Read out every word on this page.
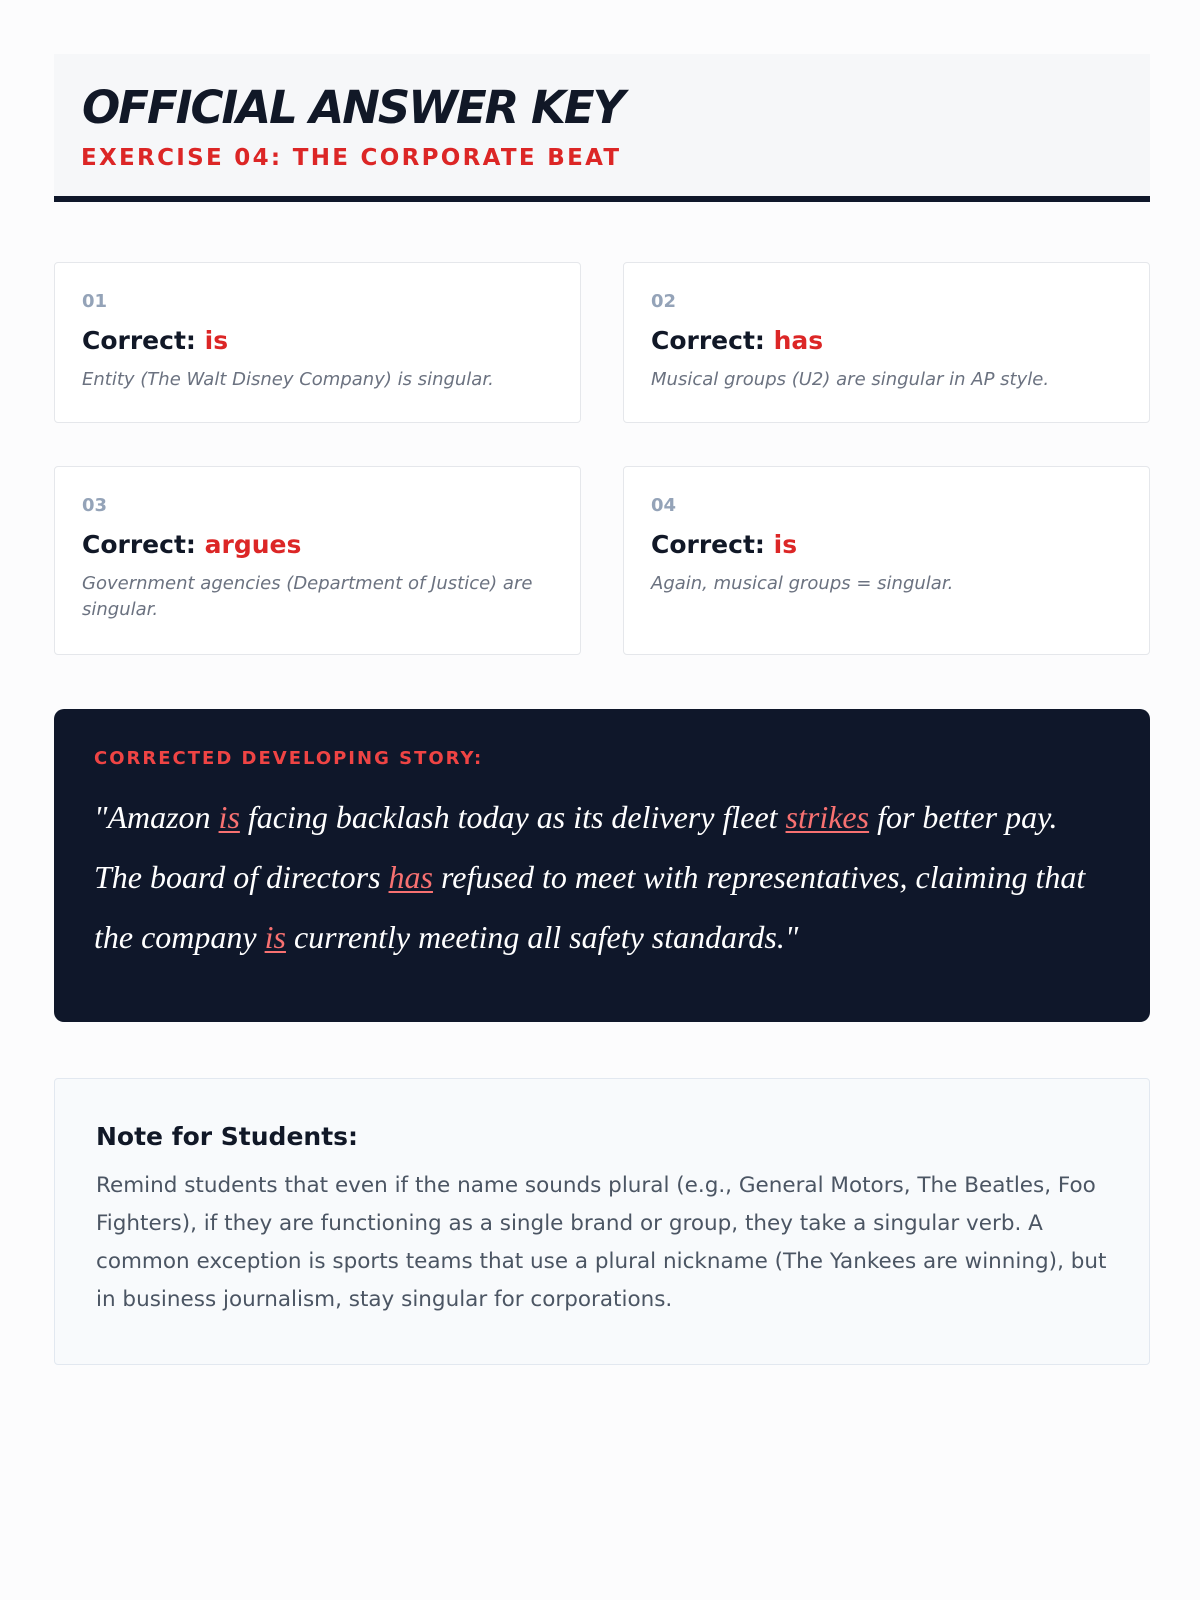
OFFICIAL ANSWER KEY
EXERCISE 04: THE CORPORATE BEAT
01
Correct: is
Entity (The Walt Disney Company) is singular.
02
Correct: has
Musical groups (U2) are singular in AP style.
03
Correct: argues
Government agencies (Department of Justice) are singular.
04
Correct: is
Again, musical groups = singular.
CORRECTED DEVELOPING STORY:
"Amazon is facing backlash today as its delivery fleet strikes for better pay. The board of directors has refused to meet with representatives, claiming that the company is currently meeting all safety standards."
Note for Students:
Remind students that even if the name sounds plural (e.g., General Motors, The Beatles, Foo Fighters), if they are functioning as a single brand or group, they take a singular verb. A common exception is sports teams that use a plural nickname (The Yankees are winning), but in business journalism, stay singular for corporations.
